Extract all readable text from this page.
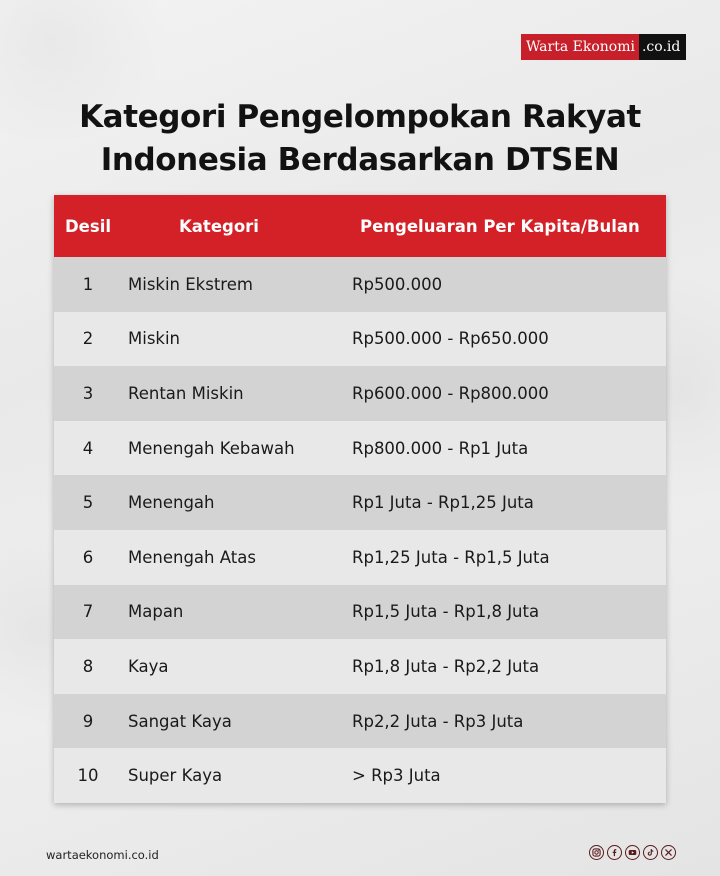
Warta Ekonomi .co.id
Kategori Pengelompokan Rakyat
Indonesia Berdasarkan DTSEN
Desil	Kategori	Pengeluaran Per Kapita/Bulan
1	Miskin Ekstrem	Rp500.000
2	Miskin	Rp500.000 - Rp650.000
3	Rentan Miskin	Rp600.000 - Rp800.000
4	Menengah Kebawah	Rp800.000 - Rp1 Juta
5	Menengah	Rp1 Juta - Rp1,25 Juta
6	Menengah Atas	Rp1,25 Juta - Rp1,5 Juta
7	Mapan	Rp1,5 Juta - Rp1,8 Juta
8	Kaya	Rp1,8 Juta - Rp2,2 Juta
9	Sangat Kaya	Rp2,2 Juta - Rp3 Juta
10	Super Kaya	> Rp3 Juta
wartaekonomi.co.id
